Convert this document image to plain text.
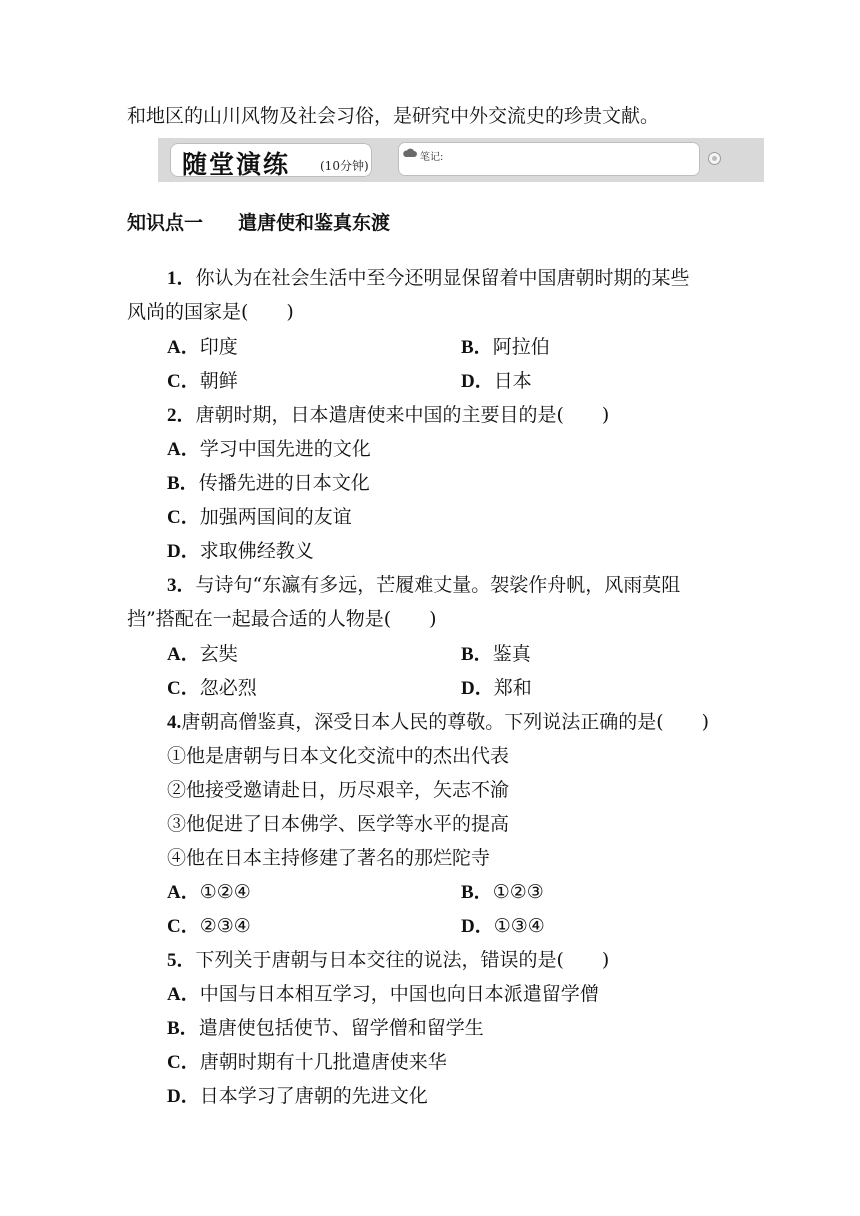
和地区的山川风物及社会习俗，是研究中外交流史的珍贵文献。
随堂演练 (10分钟)
笔记:
知识点一 遣唐使和鉴真东渡
1．你认为在社会生活中至今还明显保留着中国唐朝时期的某些
风尚的国家是(　　)
A．印度	B．阿拉伯
C．朝鲜	D．日本
2．唐朝时期，日本遣唐使来中国的主要目的是(　　)
A．学习中国先进的文化
B．传播先进的日本文化
C．加强两国间的友谊
D．求取佛经教义
3．与诗句“东瀛有多远，芒履难丈量。袈裟作舟帆，风雨莫阻
挡”搭配在一起最合适的人物是(　　)
A．玄奘	B．鉴真
C．忽必烈	D．郑和
4.唐朝高僧鉴真，深受日本人民的尊敬。下列说法正确的是(　　)
①他是唐朝与日本文化交流中的杰出代表
②他接受邀请赴日，历尽艰辛，矢志不渝
③他促进了日本佛学、医学等水平的提高
④他在日本主持修建了著名的那烂陀寺
A．①②④	B．①②③
C．②③④	D．①③④
5．下列关于唐朝与日本交往的说法，错误的是(　　)
A．中国与日本相互学习，中国也向日本派遣留学僧
B．遣唐使包括使节、留学僧和留学生
C．唐朝时期有十几批遣唐使来华
D．日本学习了唐朝的先进文化
